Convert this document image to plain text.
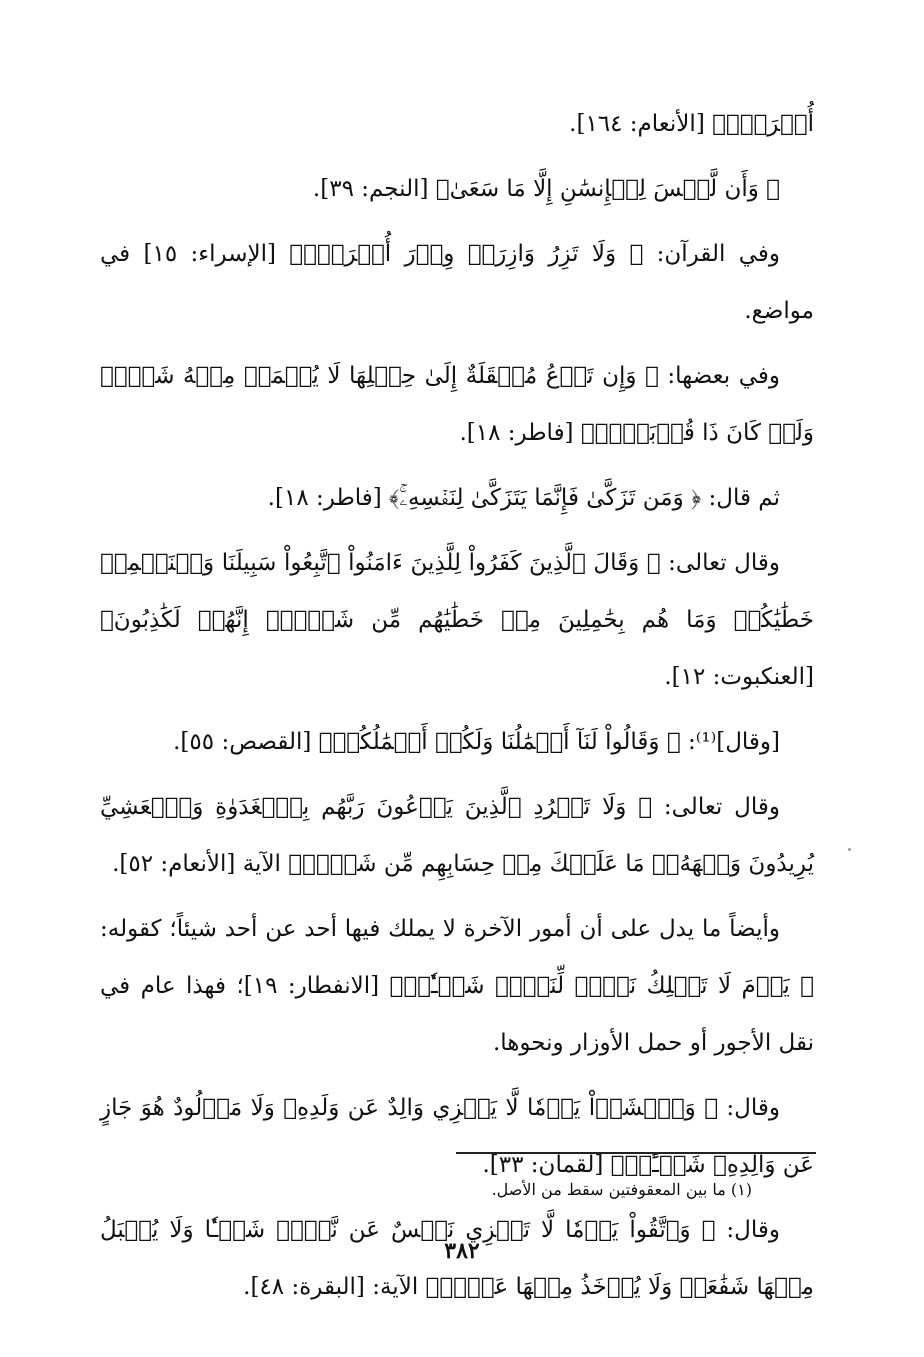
أُخۡرَىٰۚ﴾ [الأنعام: ١٦٤].

﴿ وَأَن لَّيۡسَ لِلۡإِنسَٰنِ إِلَّا مَا سَعَىٰ﴾ [النجم: ٣٩].

وفي القرآن: ﴿ وَلَا تَزِرُ وَازِرَةٞ وِزۡرَ أُخۡرَىٰۚ﴾ [الإسراء: ١٥] في مواضع.

وفي بعضها: ﴿ وَإِن تَدۡعُ مُثۡقَلَةٌ إِلَىٰ حِمۡلِهَا لَا يُحۡمَلۡ مِنۡهُ شَيۡءٞ وَلَوۡ كَانَ ذَا قُرۡبَىٰٓۗ﴾ [فاطر: ١٨].

ثم قال: ﴿ وَمَن تَزَكَّىٰ فَإِنَّمَا يَتَزَكَّىٰ لِنَفۡسِهِۦۚ﴾ [فاطر: ١٨].

وقال تعالى: ﴿ وَقَالَ ٱلَّذِينَ كَفَرُواْ لِلَّذِينَ ءَامَنُواْ ٱتَّبِعُواْ سَبِيلَنَا وَلۡنَحۡمِلۡ خَطَٰيَٰكُمۡ وَمَا هُم بِحَٰمِلِينَ مِنۡ خَطَٰيَٰهُم مِّن شَيۡءٍۖ إِنَّهُمۡ لَكَٰذِبُونَ﴾ [العنكبوت: ١٢].

[وقال]⁽¹⁾: ﴿ وَقَالُواْ لَنَآ أَعۡمَٰلُنَا وَلَكُمۡ أَعۡمَٰلُكُمۡ﴾ [القصص: ٥٥].

وقال تعالى: ﴿ وَلَا تَطۡرُدِ ٱلَّذِينَ يَدۡعُونَ رَبَّهُم بِٱلۡغَدَوٰةِ وَٱلۡعَشِيِّ يُرِيدُونَ وَجۡهَهُۥۖ مَا عَلَيۡكَ مِنۡ حِسَابِهِم مِّن شَيۡءٖ﴾ الآية [الأنعام: ٥٢].

وأيضاً ما يدل على أن أمور الآخرة لا يملك فيها أحد عن أحد شيئاً؛ كقوله: ﴿ يَوۡمَ لَا تَمۡلِكُ نَفۡسٞ لِّنَفۡسٖ شَيۡـٔٗاۖ﴾ [الانفطار: ١٩]؛ فهذا عام في نقل الأجور أو حمل الأوزار ونحوها.

وقال: ﴿ وَٱخۡشَوۡاْ يَوۡمٗا لَّا يَجۡزِي وَالِدٌ عَن وَلَدِهِۦ وَلَا مَوۡلُودٌ هُوَ جَازٍ عَن وَالِدِهِۦ شَيۡـًٔاۚ﴾ [لقمان: ٣٣].

وقال: ﴿ وَٱتَّقُواْ يَوۡمٗا لَّا تَجۡزِي نَفۡسٌ عَن نَّفۡسٖ شَيۡـٔٗا وَلَا يُقۡبَلُ مِنۡهَا شَفَٰعَةٞ وَلَا يُؤۡخَذُ مِنۡهَا عَدۡلٞ﴾ الآية: [البقرة: ٤٨].

(١) ما بين المعقوفتين سقط من الأصل.
٣٨٢
